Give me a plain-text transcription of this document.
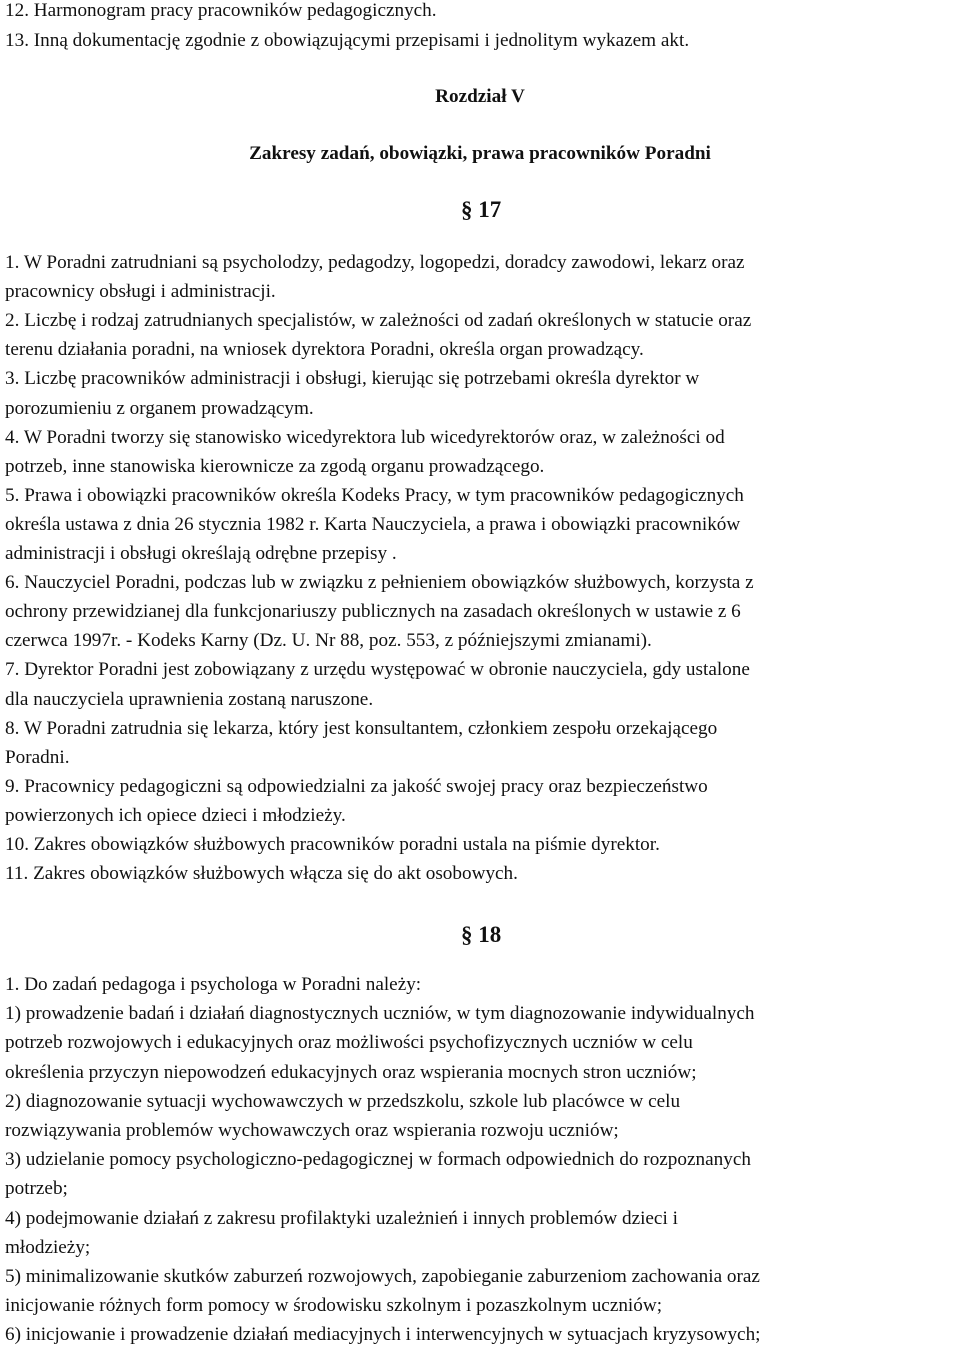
12. Harmonogram pracy pracowników pedagogicznych.
13. Inną dokumentację zgodnie z obowiązującymi przepisami i jednolitym wykazem akt.
Rozdział V
Zakresy zadań, obowiązki, prawa pracowników Poradni
§ 17
1. W Poradni zatrudniani są psycholodzy, pedagodzy, logopedzi, doradcy zawodowi, lekarz oraz
pracownicy obsługi i administracji.
2. Liczbę i rodzaj zatrudnianych specjalistów, w zależności od zadań określonych w statucie oraz
terenu działania poradni, na wniosek dyrektora Poradni, określa organ prowadzący.
3. Liczbę pracowników administracji i obsługi, kierując się potrzebami określa dyrektor w
porozumieniu z organem prowadzącym.
4. W Poradni tworzy się stanowisko wicedyrektora lub wicedyrektorów oraz, w zależności od
potrzeb, inne stanowiska kierownicze za zgodą organu prowadzącego.
5. Prawa i obowiązki pracowników określa Kodeks Pracy, w tym pracowników pedagogicznych
określa ustawa z dnia 26 stycznia 1982 r. Karta Nauczyciela, a prawa i obowiązki pracowników
administracji i obsługi określają odrębne przepisy .
6. Nauczyciel Poradni, podczas lub w związku z pełnieniem obowiązków służbowych, korzysta z
ochrony przewidzianej dla funkcjonariuszy publicznych na zasadach określonych w ustawie z 6
czerwca 1997r. - Kodeks Karny (Dz. U. Nr 88, poz. 553, z późniejszymi zmianami).
7. Dyrektor Poradni jest zobowiązany z urzędu występować w obronie nauczyciela, gdy ustalone
dla nauczyciela uprawnienia zostaną naruszone.
8. W Poradni zatrudnia się lekarza, który jest konsultantem, członkiem zespołu orzekającego
Poradni.
9. Pracownicy pedagogiczni są odpowiedzialni za jakość swojej pracy oraz bezpieczeństwo
powierzonych ich opiece dzieci i młodzieży.
10. Zakres obowiązków służbowych pracowników poradni ustala na piśmie dyrektor.
11. Zakres obowiązków służbowych włącza się do akt osobowych.
§ 18
1. Do zadań pedagoga i psychologa w Poradni należy:
1) prowadzenie badań i działań diagnostycznych uczniów, w tym diagnozowanie indywidualnych
potrzeb rozwojowych i edukacyjnych oraz możliwości psychofizycznych uczniów w celu
określenia przyczyn niepowodzeń edukacyjnych oraz wspierania mocnych stron uczniów;
2) diagnozowanie sytuacji wychowawczych w przedszkolu, szkole lub placówce w celu
rozwiązywania problemów wychowawczych oraz wspierania rozwoju uczniów;
3) udzielanie pomocy psychologiczno-pedagogicznej w formach odpowiednich do rozpoznanych
potrzeb;
4) podejmowanie działań z zakresu profilaktyki uzależnień i innych problemów dzieci i
młodzieży;
5) minimalizowanie skutków zaburzeń rozwojowych, zapobieganie zaburzeniom zachowania oraz
inicjowanie różnych form pomocy w środowisku szkolnym i pozaszkolnym uczniów;
6) inicjowanie i prowadzenie działań mediacyjnych i interwencyjnych w sytuacjach kryzysowych;
